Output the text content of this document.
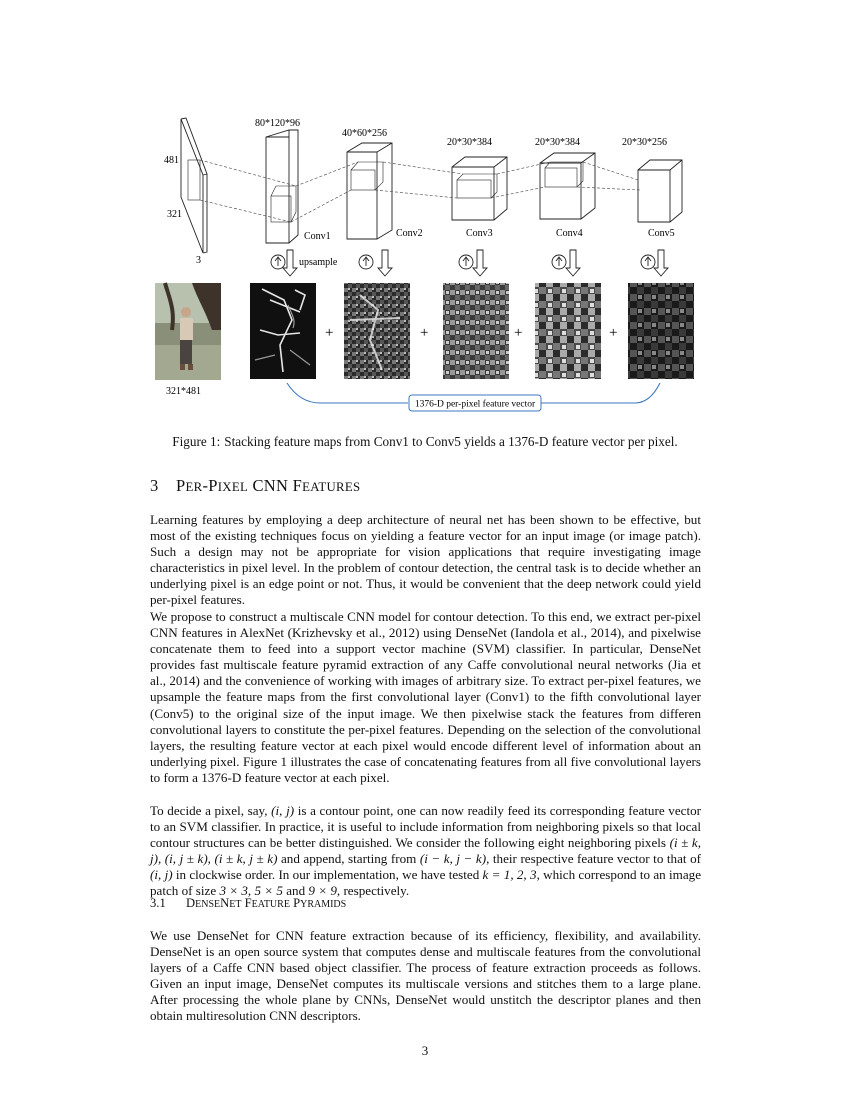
481
321
3
80*120*96
40*60*256
20*30*384	20*30*384	20*30*256
Conv1	Conv2	Conv3	Conv4	Conv5
upsample
321*481
+	+	+	+
1376-D per-pixel feature vector
Figure 1: Stacking feature maps from Conv1 to Conv5 yields a 1376-D feature vector per pixel.
3 PER-PIXEL CNN FEATURES

Learning features by employing a deep architecture of neural net has been shown to be effective, but most of the existing techniques focus on yielding a feature vector for an input image (or image patch). Such a design may not be appropriate for vision applications that require investigating image characteristics in pixel level. In the problem of contour detection, the central task is to decide whether an underlying pixel is an edge point or not. Thus, it would be convenient that the deep network could yield per-pixel features.

We propose to construct a multiscale CNN model for contour detection. To this end, we extract per-pixel CNN features in AlexNet (Krizhevsky et al., 2012) using DenseNet (Iandola et al., 2014), and pixelwise concatenate them to feed into a support vector machine (SVM) classifier. In particular, DenseNet provides fast multiscale feature pyramid extraction of any Caffe convolutional neural networks (Jia et al., 2014) and the convenience of working with images of arbitrary size. To extract per-pixel features, we upsample the feature maps from the first convolutional layer (Conv1) to the fifth convolutional layer (Conv5) to the original size of the input image. We then pixelwise stack the features from differen convolutional layers to constitute the per-pixel features. Depending on the selection of the convolutional layers, the resulting feature vector at each pixel would encode different level of information about an underlying pixel. Figure 1 illustrates the case of concatenating features from all five convolutional layers to form a 1376-D feature vector at each pixel.

To decide a pixel, say, (i, j) is a contour point, one can now readily feed its corresponding feature vector to an SVM classifier. In practice, it is useful to include information from neighboring pixels so that local contour structures can be better distinguished. We consider the following eight neighboring pixels (i ± k, j), (i, j ± k), (i ± k, j ± k) and append, starting from (i − k, j − k), their respective feature vector to that of (i, j) in clockwise order. In our implementation, we have tested k = 1, 2, 3, which correspond to an image patch of size 3 × 3, 5 × 5 and 9 × 9, respectively.

3.1 DENSENET FEATURE PYRAMIDS

We use DenseNet for CNN feature extraction because of its efficiency, flexibility, and availability. DenseNet is an open source system that computes dense and multiscale features from the convolutional layers of a Caffe CNN based object classifier. The process of feature extraction proceeds as follows. Given an input image, DenseNet computes its multiscale versions and stitches them to a large plane. After processing the whole plane by CNNs, DenseNet would unstitch the descriptor planes and then obtain multiresolution CNN descriptors.

3
